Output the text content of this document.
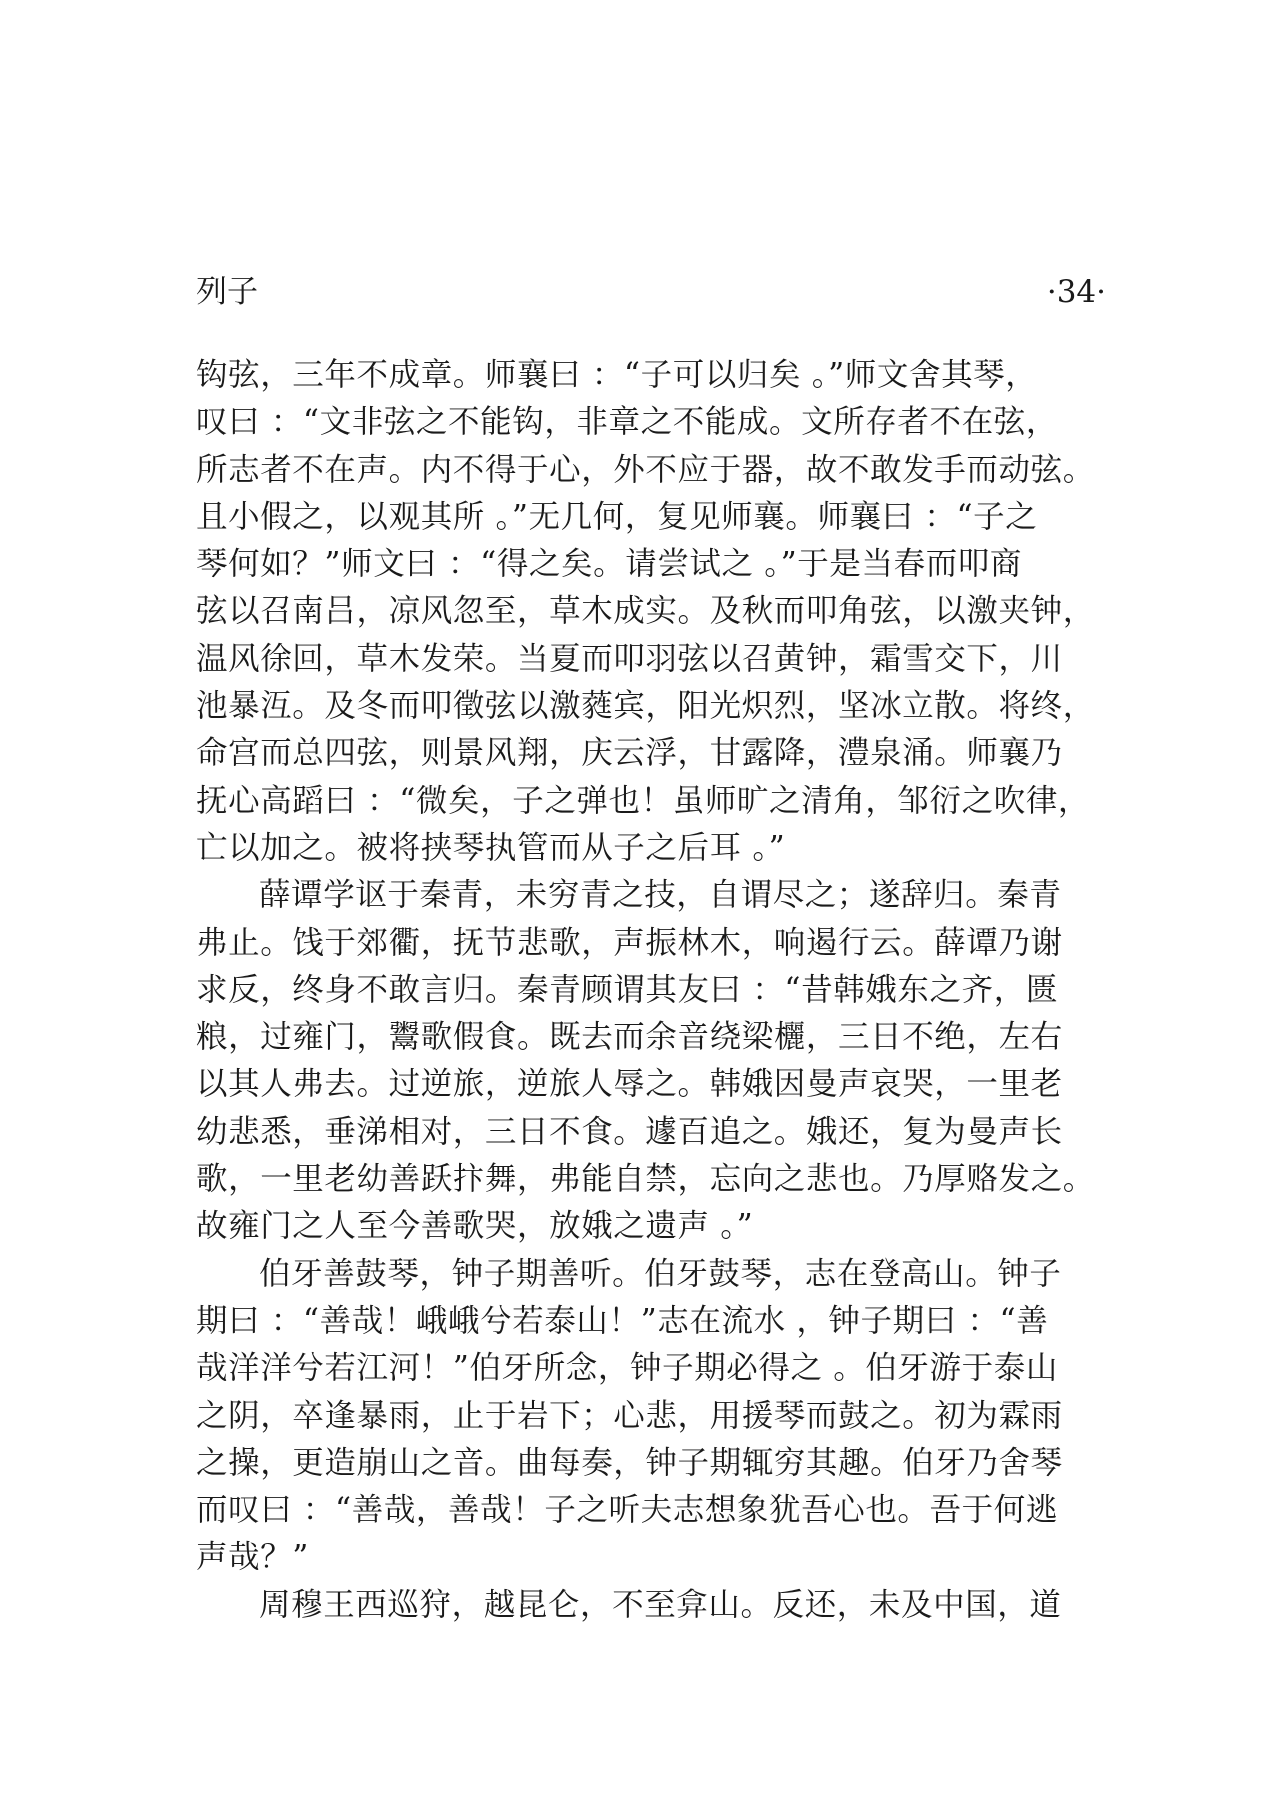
列子	·34·
钩弦，三年不成章。师襄曰 ：“子可以归矣 。”师文舍其琴，
叹曰 ：“文非弦之不能钩，非章之不能成。文所存者不在弦，
所志者不在声。内不得于心，外不应于器，故不敢发手而动弦。
且小假之，以观其所 。”无几何，复见师襄。师襄曰 ：“子之
琴何如？”师文曰 ：“得之矣。请尝试之 。”于是当春而叩商
弦以召南吕，凉风忽至，草木成实。及秋而叩角弦，以激夹钟，
温风徐回，草木发荣。当夏而叩羽弦以召黄钟，霜雪交下，川
池暴沍。及冬而叩徵弦以激蕤宾，阳光炽烈，坚冰立散。将终，
命宫而总四弦，则景风翔，庆云浮，甘露降，澧泉涌。师襄乃
抚心高蹈曰 ：“微矣，子之弹也！虽师旷之清角，邹衍之吹律，
亡以加之。被将挟琴执管而从子之后耳 。”
薛谭学讴于秦青，未穷青之技，自谓尽之；遂辞归。秦青
弗止。饯于郊衢，抚节悲歌，声振林木，响遏行云。薛谭乃谢
求反，终身不敢言归。秦青顾谓其友曰 ：“昔韩娥东之齐，匮
粮，过雍门，鬻歌假食。既去而余音绕梁欐，三日不绝，左右
以其人弗去。过逆旅，逆旅人辱之。韩娥因曼声哀哭，一里老
幼悲悉，垂涕相对，三日不食。遽百追之。娥还，复为曼声长
歌，一里老幼善跃抃舞，弗能自禁，忘向之悲也。乃厚赂发之。
故雍门之人至今善歌哭，放娥之遗声 。”
伯牙善鼓琴，钟子期善听。伯牙鼓琴，志在登高山。钟子
期曰 ：“善哉！峨峨兮若泰山！”志在流水 ，钟子期曰 ：“善
哉洋洋兮若江河！”伯牙所念，钟子期必得之 。伯牙游于泰山
之阴，卒逢暴雨，止于岩下；心悲，用援琴而鼓之。初为霖雨
之操，更造崩山之音。曲每奏，钟子期辄穷其趣。伯牙乃舍琴
而叹曰 ：“善哉，善哉！子之听夫志想象犹吾心也。吾于何逃
声哉？”
周穆王西巡狩，越昆仑，不至弇山。反还，未及中国，道
